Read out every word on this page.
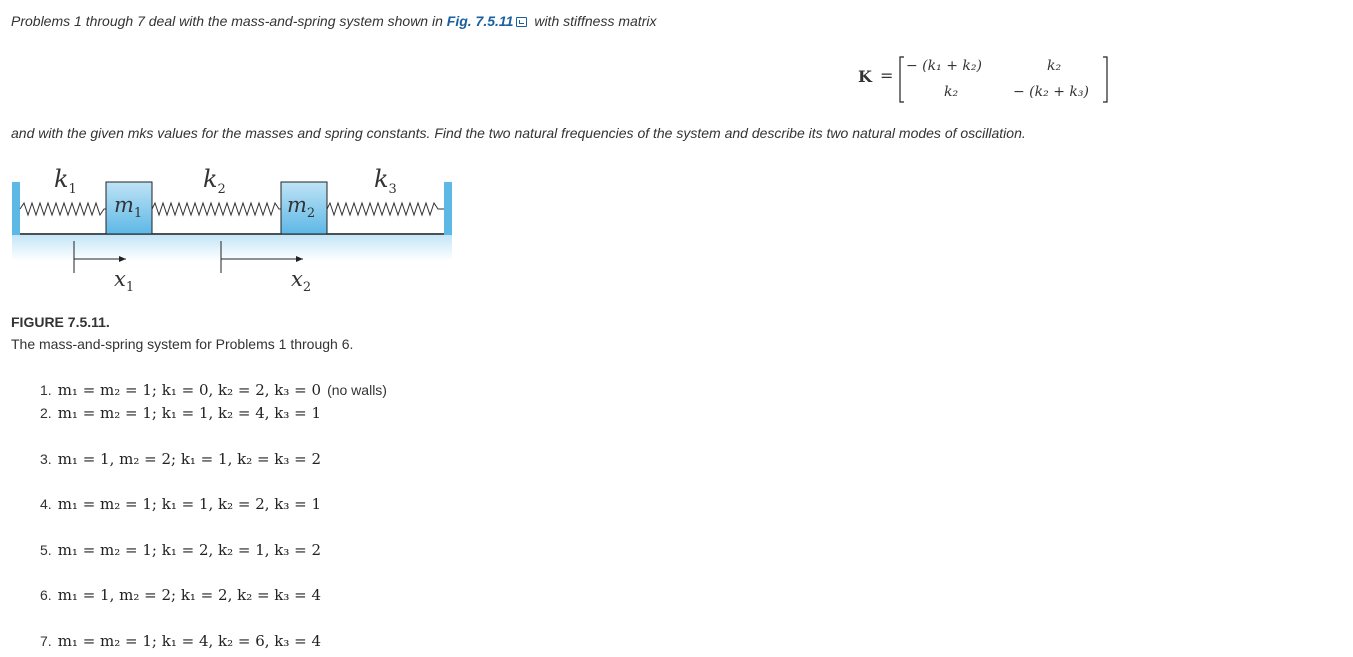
Problems 1 through 7 deal with the mass-and-spring system shown in Fig. 7.5.11 with stiffness matrix
K = − (k₁ + k₂)	k₂
k₂	− (k₂ + k₃)
and with the given mks values for the masses and spring constants. Find the two natural frequencies of the system and describe its two natural modes of oscillation.
$k_1$	$k_2$	$k_3$
$m_1$	$m_2$
$x_1$	$x_2$
FIGURE 7.5.11.
The mass-and-spring system for Problems 1 through 6.
1. m₁ = m₂ = 1; k₁ = 0, k₂ = 2, k₃ = 0 (no walls)
2. m₁ = m₂ = 1; k₁ = 1, k₂ = 4, k₃ = 1
3. m₁ = 1, m₂ = 2; k₁ = 1, k₂ = k₃ = 2
4. m₁ = m₂ = 1; k₁ = 1, k₂ = 2, k₃ = 1
5. m₁ = m₂ = 1; k₁ = 2, k₂ = 1, k₃ = 2
6. m₁ = 1, m₂ = 2; k₁ = 2, k₂ = k₃ = 4
7. m₁ = m₂ = 1; k₁ = 4, k₂ = 6, k₃ = 4
